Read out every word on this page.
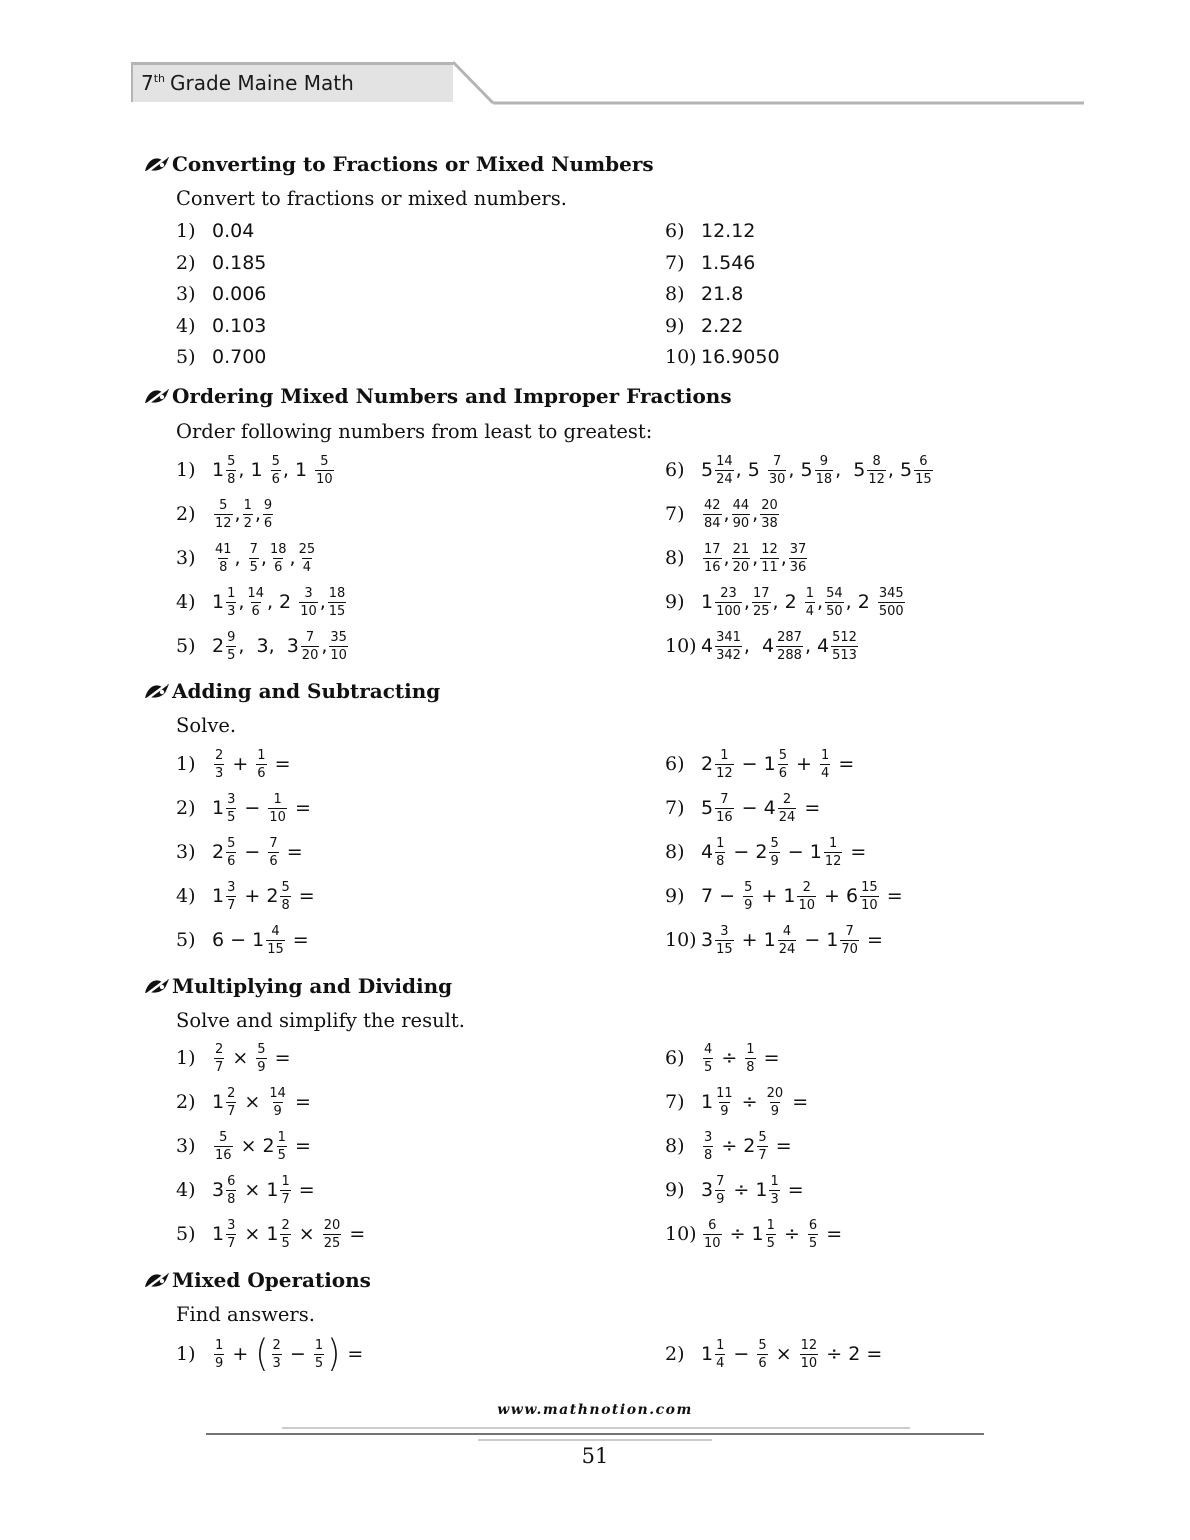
7th Grade Maine Math
Converting to Fractions or Mixed Numbers
Convert to fractions or mixed numbers.
1) 0.04
2) 0.185
3) 0.006
4) 0.103
5) 0.700
6) 12.12
7) 1.546
8) 21.8
9) 2.22
10) 16.9050
Ordering Mixed Numbers and Improper Fractions
Order following numbers from least to greatest:
1) $1 \frac{5}{8}$ , $1 \frac{5}{6}$ , $1 \frac{5}{10}$
2)	$\frac{5}{12}$ , $\frac{1}{2}$ , $\frac{9}{6}$
3)	$\frac{41}{8}$ , $\frac{7}{5}$ , $\frac{18}{6}$ , $\frac{25}{4}$
4) $1 \frac{1}{3}$ , $\frac{14}{6}$ , $2 \frac{3}{10}$ , $\frac{18}{15}$
5) $2 \frac{9}{5}$ ,  3,  $3 \frac{7}{20}$ , $\frac{35}{10}$
6) $5 \frac{14}{24}$ , $5 \frac{7}{30}$ , $5 \frac{9}{18}$ ,  $5 \frac{8}{12}$ , $5 \frac{6}{15}$
7)	$\frac{42}{84}$ , $\frac{44}{90}$ , $\frac{20}{38}$
8)	$\frac{17}{16}$ , $\frac{21}{20}$ , $\frac{12}{11}$ , $\frac{37}{36}$
9) $1 \frac{23}{100}$ , $\frac{17}{25}$ , $2 \frac{1}{4}$ , $\frac{54}{50}$ , $2 \frac{345}{500}$
10) $4 \frac{341}{342}$ ,  $4 \frac{287}{288}$ , $4 \frac{512}{513}$
Adding and Subtracting
Solve.
1)	$\frac{2}{3} + \frac{1}{6}$ =
2) $1 \frac{3}{5} - \frac{1}{10}$ =
3) $2 \frac{5}{6} - \frac{7}{6}$ =
4) $1 \frac{3}{7} + 2 \frac{5}{8}$ =
5) $6 - 1 \frac{4}{15}$ =
6) $2 \frac{1}{12} - 1 \frac{5}{6} + \frac{1}{4}$ =
7) $5 \frac{7}{16} - 4 \frac{2}{24}$ =
8) $4 \frac{1}{8} - 2 \frac{5}{9} - 1 \frac{1}{12}$ =
9) $7 - \frac{5}{9} + 1 \frac{2}{10} + 6 \frac{15}{10}$ =
10) $3 \frac{3}{15} + 1 \frac{4}{24} - 1 \frac{7}{70}$ =
Multiplying and Dividing
Solve and simplify the result.
1)	$\frac{2}{7} \times \frac{5}{9}$ =
2) $1 \frac{2}{7} \times \frac{14}{9}$ =
3)	$\frac{5}{16} \times 2 \frac{1}{5}$ =
4) $3 \frac{6}{8} \times 1 \frac{1}{7}$ =
5) $1 \frac{3}{7} \times 1 \frac{2}{5} \times \frac{20}{25}$ =
6)	$\frac{4}{5} \div \frac{1}{8}$ =
7) $1 \frac{11}{9} \div \frac{20}{9}$ =
8)	$\frac{3}{8} \div 2 \frac{5}{7}$ =
9) $3 \frac{7}{9} \div 1 \frac{1}{3}$ =
$10) \frac{6}{10} \div 1 \frac{1}{5} \div \frac{6}{5}$ =
Mixed Operations
Find answers.
1)	$\frac{1}{9}$ + ( $\frac{2}{3} - \frac{1}{5}$ ) =	2) $1 \frac{1}{4} - \frac{5}{6} \times \frac{12}{10} \div 2$ =
www.mathnotion.com
51
